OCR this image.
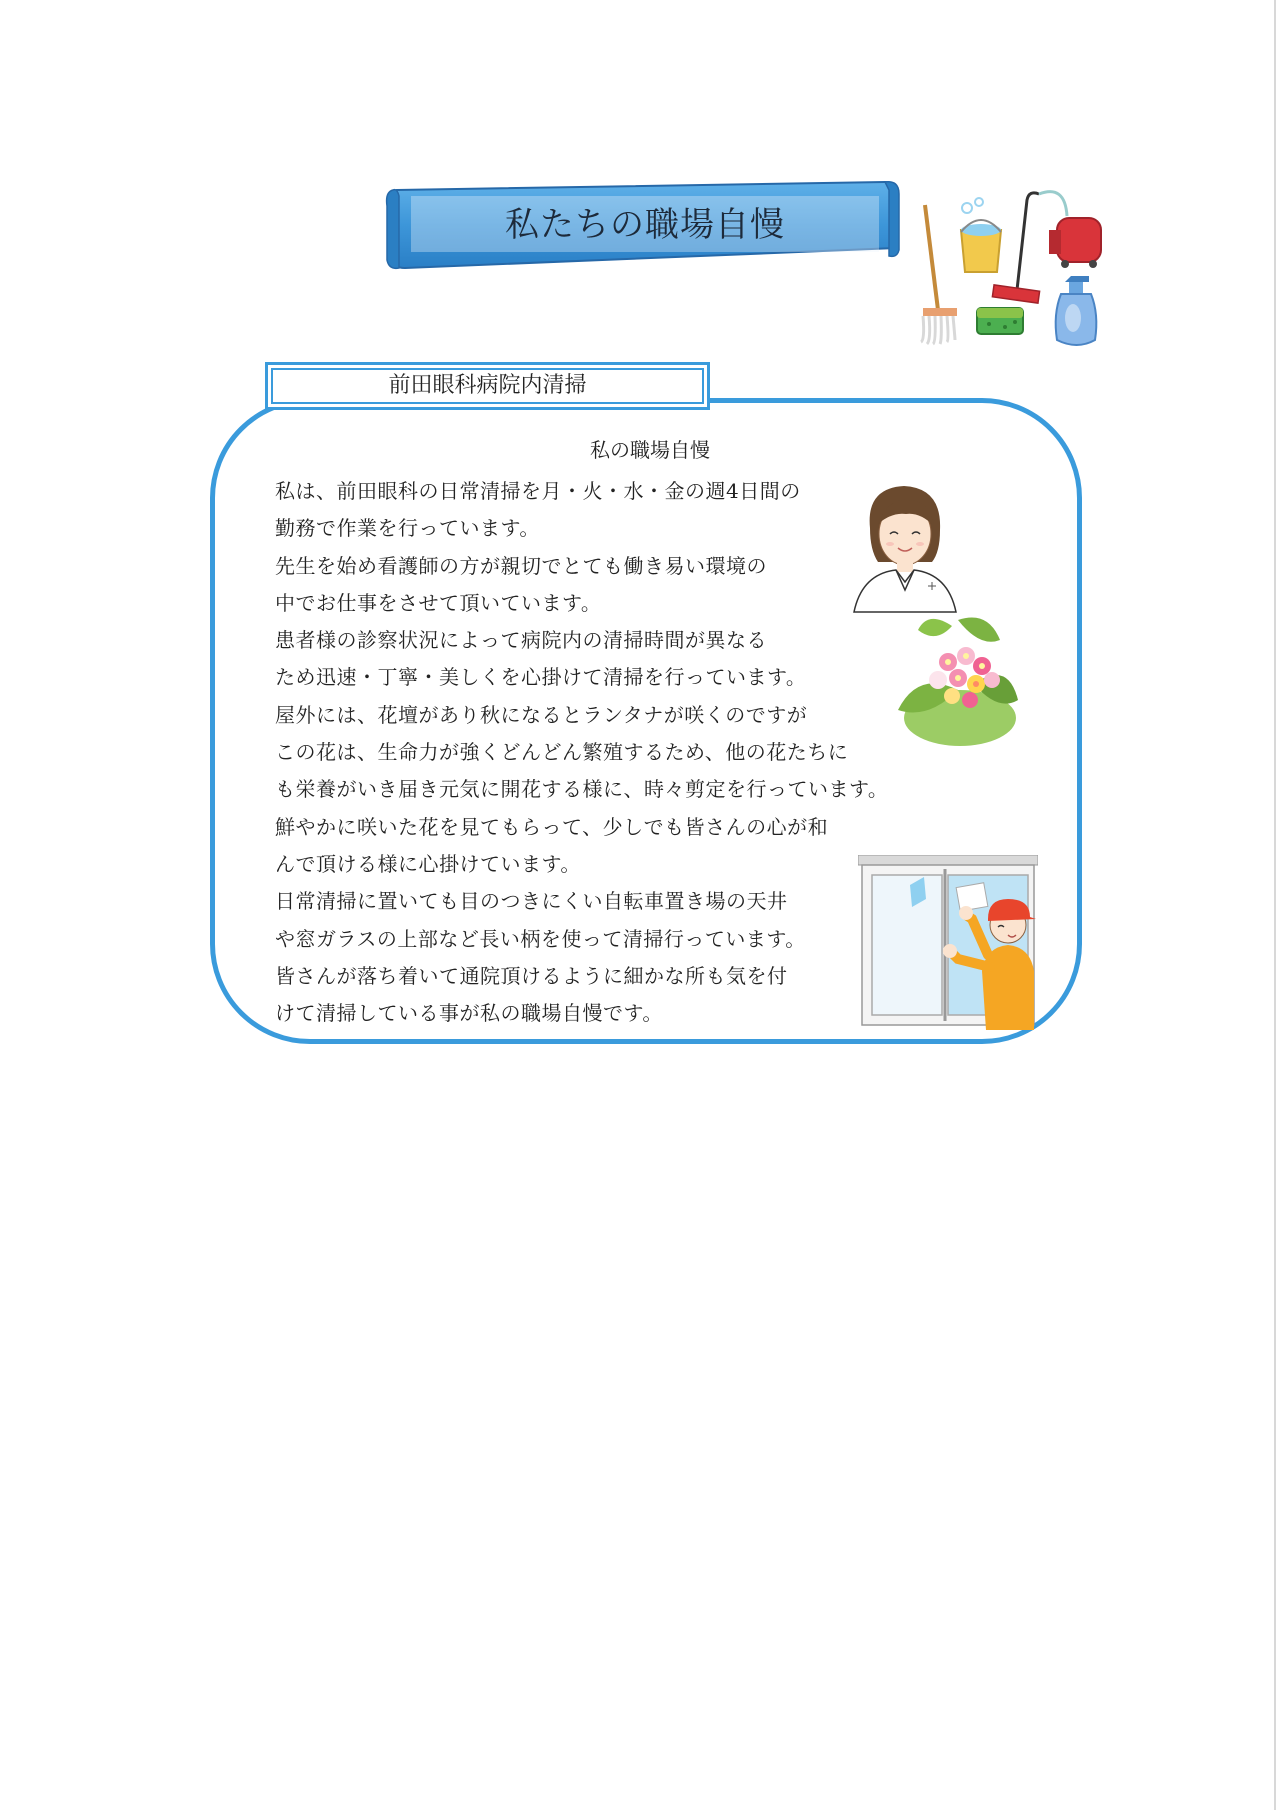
私たちの職場自慢
前田眼科病院内清掃
私の職場自慢
私は、前田眼科の日常清掃を月・火・水・金の週4日間の
勤務で作業を行っています。
先生を始め看護師の方が親切でとても働き易い環境の
中でお仕事をさせて頂いています。
患者様の診察状況によって病院内の清掃時間が異なる
ため迅速・丁寧・美しくを心掛けて清掃を行っています。
屋外には、花壇があり秋になるとランタナが咲くのですが
この花は、生命力が強くどんどん繁殖するため、他の花たちに
も栄養がいき届き元気に開花する様に、時々剪定を行っています。
鮮やかに咲いた花を見てもらって、少しでも皆さんの心が和
んで頂ける様に心掛けています。
日常清掃に置いても目のつきにくい自転車置き場の天井
や窓ガラスの上部など長い柄を使って清掃行っています。
皆さんが落ち着いて通院頂けるように細かな所も気を付
けて清掃している事が私の職場自慢です。
